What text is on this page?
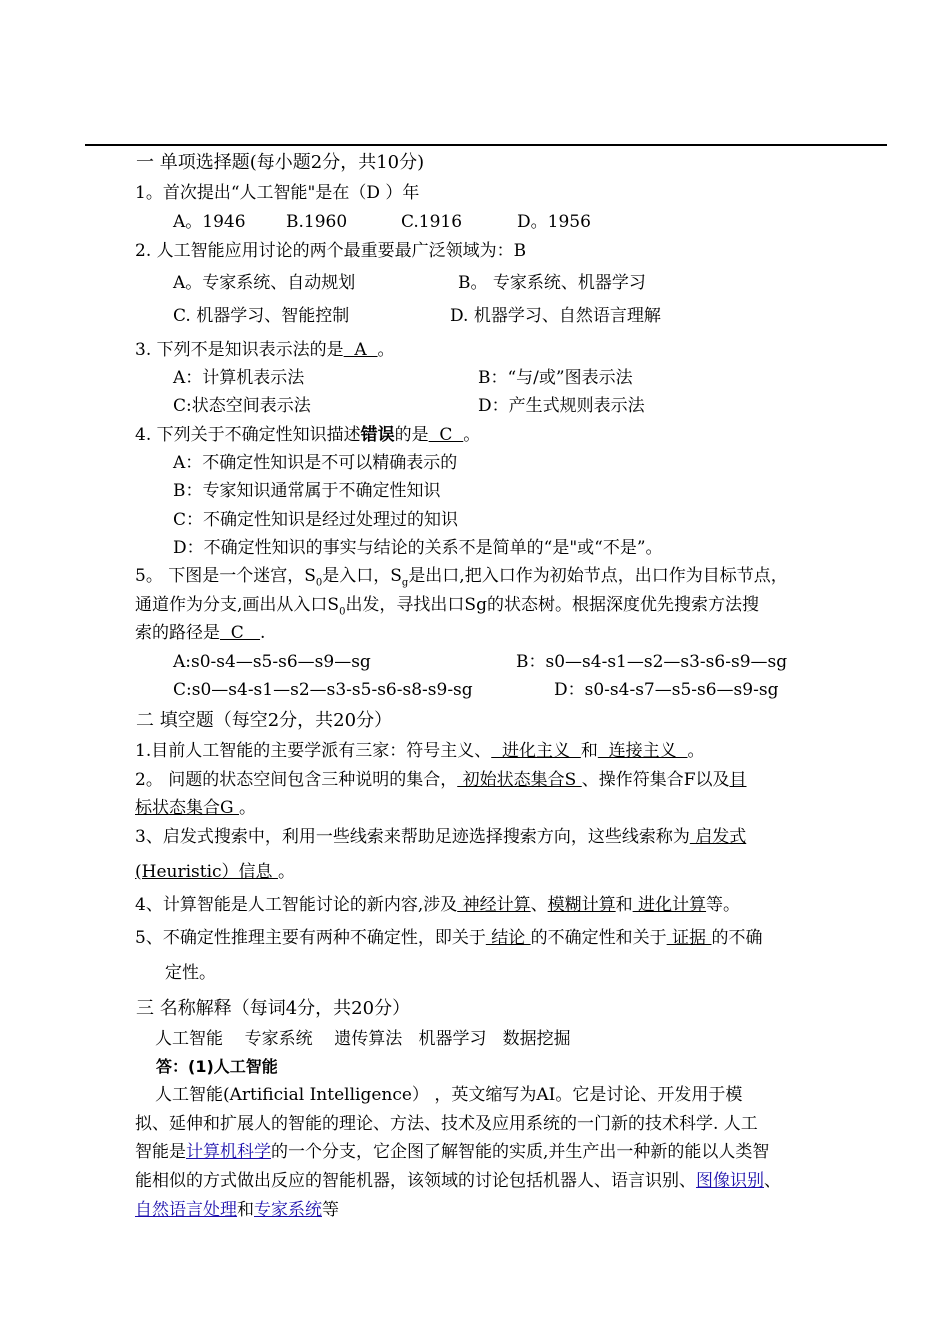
一 单项选择题(每小题2分，共10分)
1。首次提出“人工智能"是在（D ）年
A。1946 B.1960	C.1916	D。1956
2. 人工智能应用讨论的两个最重要最广泛领域为：B
A。专家系统、自动规划	B。 专家系统、机器学习
C. 机器学习、智能控制	D. 机器学习、自然语言理解
3. 下列不是知识表示法的是  A  。
A：计算机表示法	B：“与/或”图表示法
C:状态空间表示法	D：产生式规则表示法
4. 下列关于不确定性知识描述错误的是  C  。
A：不确定性知识是不可以精确表示的
B：专家知识通常属于不确定性知识
C：不确定性知识是经过处理过的知识
D：不确定性知识的事实与结论的关系不是简单的“是"或“不是”。
5。 下图是一个迷宫，$S_0$是入口，$S_g$是出口,把入口作为初始节点，出口作为目标节点，
通道作为分支,画出从入口$S_0$出发，寻找出口Sg的状态树。根据深度优先搜索方法搜
索的路径是  C   .
A:s0-s4—s5-s6—s9—sg	B：s0—s4-s1—s2—s3-s6-s9—sg
C:s0—s4-s1—s2—s3-s5-s6-s8-s9-sg	D：s0-s4-s7—s5-s6—s9-sg
二 填空题（每空2分，共20分）
1.目前人工智能的主要学派有三家：符号主义、  进化主义  和  连接主义  。
2。 问题的状态空间包含三种说明的集合， 初始状态集合S 、操作符集合F以及目
标状态集合G 。
3、启发式搜索中，利用一些线索来帮助足迹选择搜索方向，这些线索称为 启发式
(Heuristic）信息 。
4、计算智能是人工智能讨论的新内容,涉及 神经计算、模糊计算和 进化计算等。
5、不确定性推理主要有两种不确定性，即关于 结论 的不确定性和关于 证据 的不确
定性。
三 名称解释（每词4分，共20分）
人工智能    专家系统    遗传算法   机器学习   数据挖掘
答：(1)人工智能
人工智能(Artificial Intelligence） ，英文缩写为AI。它是讨论、开发用于模
拟、延伸和扩展人的智能的理论、方法、技术及应用系统的一门新的技术科学. 人工
智能是计算机科学的一个分支，它企图了解智能的实质,并生产出一种新的能以人类智
能相似的方式做出反应的智能机器，该领域的讨论包括机器人、语言识别、图像识别、
自然语言处理和专家系统等
